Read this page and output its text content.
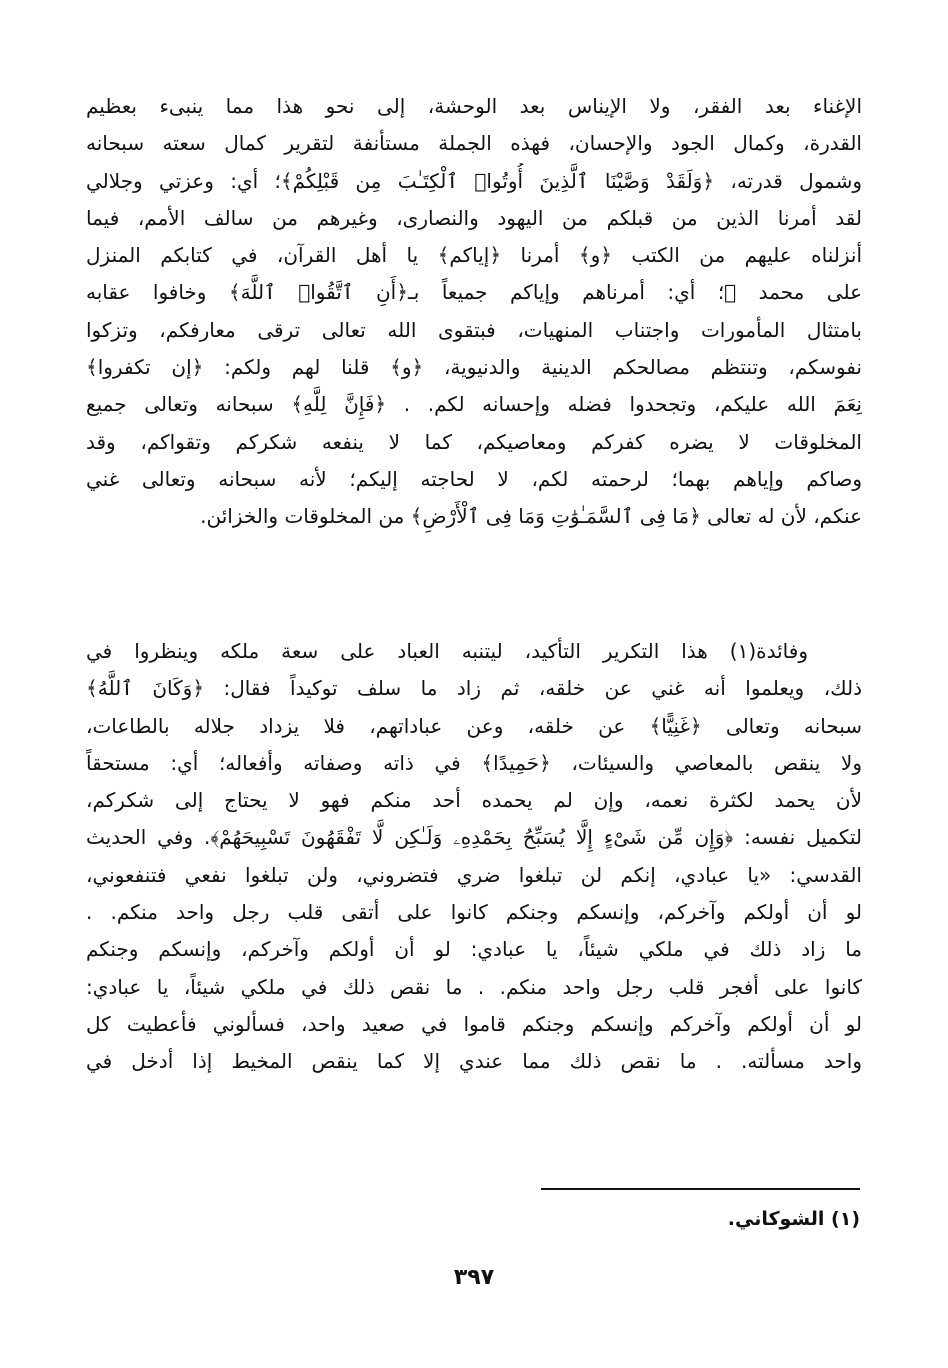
الإغناء بعد الفقر، ولا الإيناس بعد الوحشة، إلى نحو هذا مما ينبىء بعظيم
القدرة، وكمال الجود والإحسان، فهذه الجملة مستأنفة لتقرير كمال سعته سبحانه
وشمول قدرته، ﴿وَلَقَدْ وَصَّيْنَا ٱلَّذِينَ أُوتُوا۟ ٱلْكِتَـٰبَ مِن قَبْلِكُمْ﴾؛ أي: وعزتي وجلالي
لقد أمرنا الذين من قبلكم من اليهود والنصارى، وغيرهم من سالف الأمم، فيما
أنزلناه عليهم من الكتب ﴿و﴾ أمرنا ﴿إياكم﴾ يا أهل القرآن، في كتابكم المنزل
على محمد ﷺ؛ أي: أمرناهم وإياكم جميعاً بـ﴿أَنِ ٱتَّقُوا۟ ٱللَّهَ﴾ وخافوا عقابه
بامتثال المأمورات واجتناب المنهيات، فبتقوى الله تعالى ترقى معارفكم، وتزكوا
نفوسكم، وتنتظم مصالحكم الدينية والدنيوية، ﴿و﴾ قلنا لهم ولكم: ﴿إن تكفروا﴾
نِعَمَ الله عليكم، وتجحدوا فضله وإحسانه لكم. . ﴿فَإِنَّ لِلَّهِ﴾ سبحانه وتعالى جميع
المخلوقات لا يضره كفركم ومعاصيكم، كما لا ينفعه شكركم وتقواكم، وقد
وصاكم وإياهم بهما؛ لرحمته لكم، لا لحاجته إليكم؛ لأنه سبحانه وتعالى غني
عنكم، لأن له تعالى ﴿مَا فِى ٱلسَّمَـٰوَٰتِ وَمَا فِى ٱلْأَرْضِ﴾ من المخلوقات والخزائن.
وفائدة(١) هذا التكرير التأكيد، ليتنبه العباد على سعة ملكه وينظروا في
ذلك، ويعلموا أنه غني عن خلقه، ثم زاد ما سلف توكيداً فقال: ﴿وَكَانَ ٱللَّهُ﴾
سبحانه وتعالى ﴿غَنِيًّا﴾ عن خلقه، وعن عباداتهم، فلا يزداد جلاله بالطاعات،
ولا ينقص بالمعاصي والسيئات، ﴿حَمِيدًا﴾ في ذاته وصفاته وأفعاله؛ أي: مستحقاً
لأن يحمد لكثرة نعمه، وإن لم يحمده أحد منكم فهو لا يحتاج إلى شكركم،
لتكميل نفسه: ﴿وَإِن مِّن شَىْءٍ إِلَّا يُسَبِّحُ بِحَمْدِهِۦ وَلَـٰكِن لَّا تَفْقَهُونَ تَسْبِيحَهُمْ﴾. وفي الحديث
القدسي: «يا عبادي، إنكم لن تبلغوا ضري فتضروني، ولن تبلغوا نفعي فتنفعوني،
لو أن أولكم وآخركم، وإنسكم وجنكم كانوا على أتقى قلب رجل واحد منكم. .
ما زاد ذلك في ملكي شيئاً، يا عبادي: لو أن أولكم وآخركم، وإنسكم وجنكم
كانوا على أفجر قلب رجل واحد منكم. . ما نقص ذلك في ملكي شيئاً، يا عبادي:
لو أن أولكم وآخركم وإنسكم وجنكم قاموا في صعيد واحد، فسألوني فأعطيت كل
واحد مسألته. . ما نقص ذلك مما عندي إلا كما ينقص المخيط إذا أدخل في
(١) الشوكاني.
٣٩٧
